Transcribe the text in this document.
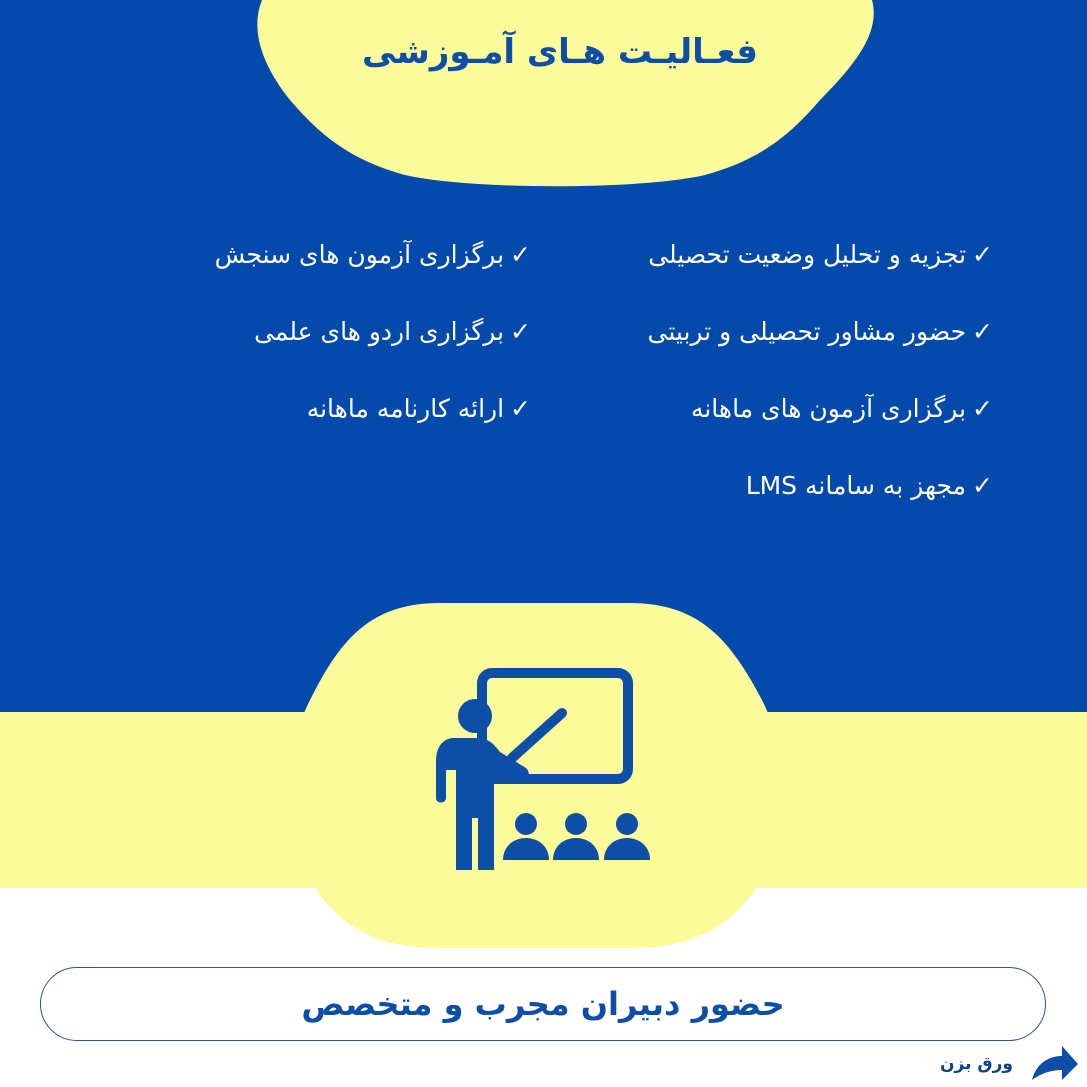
فعـالیـت هـای آمـوزشی
✓تجزیه و تحلیل وضعیت تحصیلی
✓حضور مشاور تحصیلی و تربیتی
✓برگزاری آزمون های ماهانه
✓مجهز به سامانه LMS
✓برگزاری آزمون های سنجش
✓برگزاری اردو های علمی
✓ارائه کارنامه ماهانه
حضور دبیران مجرب و متخصص
ورق بزن
